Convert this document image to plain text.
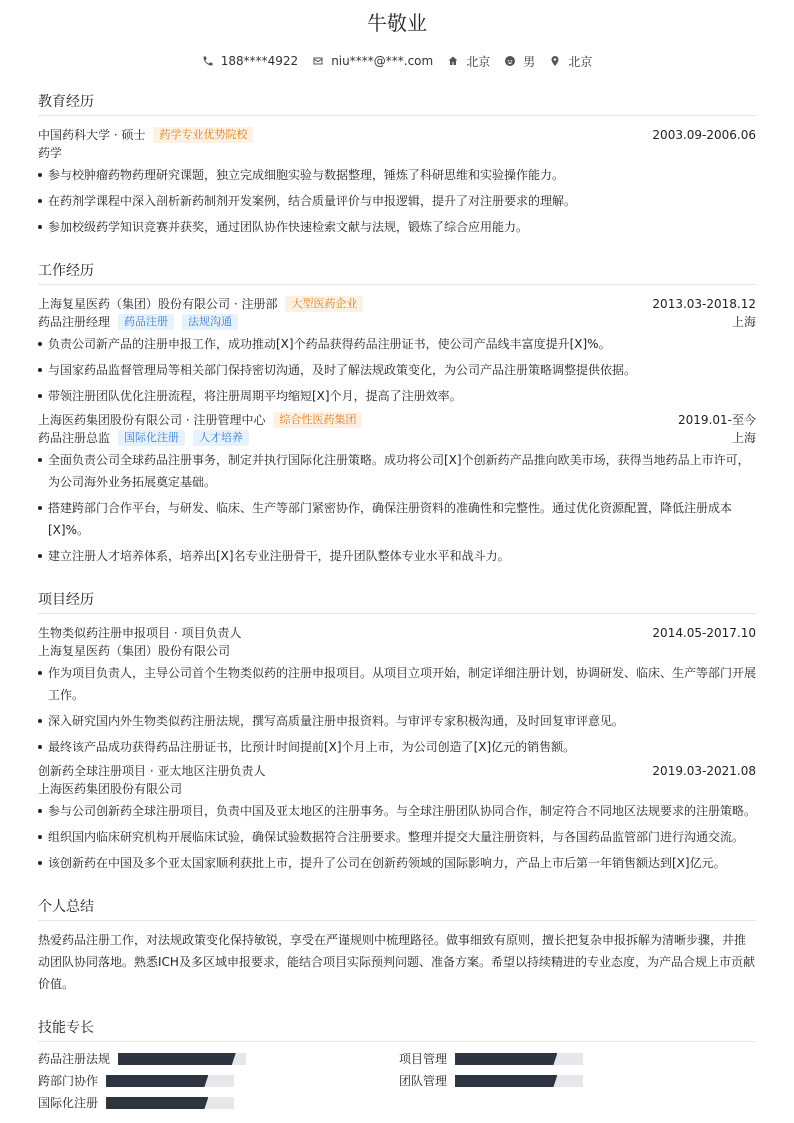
牛敬业
188****4922	niu****@***.com	北京	男	北京
教育经历
中国药科大学 · 硕士	药学专业优势院校	2003.09-2006.06
药学
参与校肿瘤药物药理研究课题，独立完成细胞实验与数据整理，锤炼了科研思维和实验操作能力。
在药剂学课程中深入剖析新药制剂开发案例，结合质量评价与申报逻辑，提升了对注册要求的理解。
参加校级药学知识竞赛并获奖，通过团队协作快速检索文献与法规，锻炼了综合应用能力。
工作经历
上海复星医药（集团）股份有限公司 · 注册部	大型医药企业	2013.03-2018.12
药品注册经理	药品注册	法规沟通	上海
负责公司新产品的注册申报工作，成功推动[X]个药品获得药品注册证书，使公司产品线丰富度提升[X]%。
与国家药品监督管理局等相关部门保持密切沟通，及时了解法规政策变化，为公司产品注册策略调整提供依据。
带领注册团队优化注册流程，将注册周期平均缩短[X]个月，提高了注册效率。
上海医药集团股份有限公司 · 注册管理中心	综合性医药集团	2019.01-至今
药品注册总监	国际化注册	人才培养	上海
全面负责公司全球药品注册事务，制定并执行国际化注册策略。成功将公司[X]个创新药产品推向欧美市场，获得当地药品上市许可，为公司海外业务拓展奠定基础。
搭建跨部门合作平台，与研发、临床、生产等部门紧密协作，确保注册资料的准确性和完整性。通过优化资源配置，降低注册成本[X]%。
建立注册人才培养体系，培养出[X]名专业注册骨干，提升团队整体专业水平和战斗力。
项目经历
生物类似药注册申报项目 · 项目负责人	2014.05-2017.10
上海复星医药（集团）股份有限公司
作为项目负责人，主导公司首个生物类似药的注册申报项目。从项目立项开始，制定详细注册计划，协调研发、临床、生产等部门开展工作。
深入研究国内外生物类似药注册法规，撰写高质量注册申报资料。与审评专家积极沟通，及时回复审评意见。
最终该产品成功获得药品注册证书，比预计时间提前[X]个月上市，为公司创造了[X]亿元的销售额。
创新药全球注册项目 · 亚太地区注册负责人	2019.03-2021.08
上海医药集团股份有限公司
参与公司创新药全球注册项目，负责中国及亚太地区的注册事务。与全球注册团队协同合作，制定符合不同地区法规要求的注册策略。
组织国内临床研究机构开展临床试验，确保试验数据符合注册要求。整理并提交大量注册资料，与各国药品监管部门进行沟通交流。
该创新药在中国及多个亚太国家顺利获批上市，提升了公司在创新药领域的国际影响力，产品上市后第一年销售额达到[X]亿元。
个人总结
热爱药品注册工作，对法规政策变化保持敏锐，享受在严谨规则中梳理路径。做事细致有原则，擅长把复杂申报拆解为清晰步骤，并推动团队协同落地。熟悉ICH及多区域申报要求，能结合项目实际预判问题、准备方案。希望以持续精进的专业态度，为产品合规上市贡献价值。
技能专长
药品注册法规	项目管理
跨部门协作	团队管理
国际化注册
